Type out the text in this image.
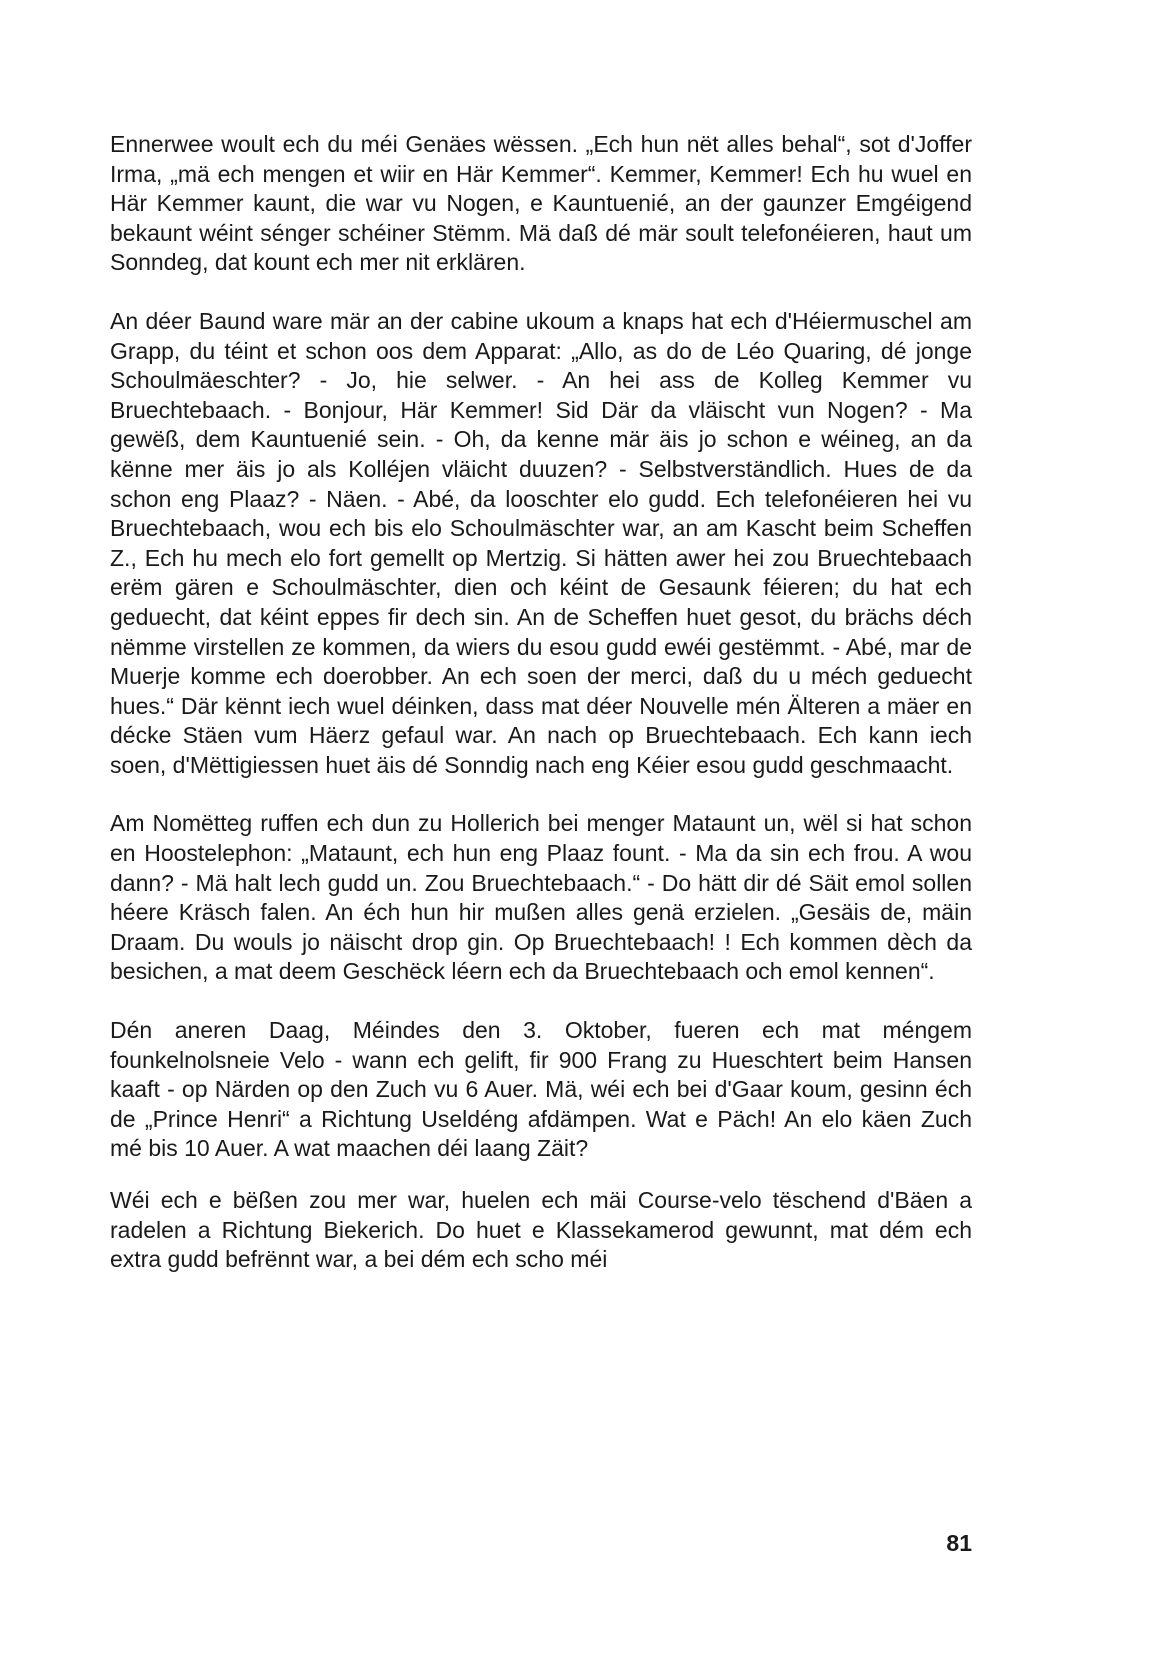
Ennerwee woult ech du méi Genäes wëssen. „Ech hun nët alles behal“, sot d'Joffer Irma, „mä ech mengen et wiir en Här Kemmer“. Kemmer, Kemmer! Ech hu wuel en Här Kemmer kaunt, die war vu Nogen, e Kauntuenié, an der gaunzer Emgéigend bekaunt wéint sénger schéiner Stëmm. Mä daß dé mär soult telefonéieren, haut um Sonndeg, dat kount ech mer nit erklären.

An déer Baund ware mär an der cabine ukoum a knaps hat ech d'Héiermuschel am Grapp, du téint et schon oos dem Apparat: „Allo, as do de Léo Quaring, dé jonge Schoulmäeschter? - Jo, hie selwer. - An hei ass de Kolleg Kemmer vu Bruechtebaach. - Bonjour, Här Kemmer! Sid Där da vläischt vun Nogen? - Ma gewëß, dem Kauntuenié sein. - Oh, da kenne mär äis jo schon e wéineg, an da kënne mer äis jo als Kolléjen vläicht duuzen? - Selbstverständlich. Hues de da schon eng Plaaz? - Näen. - Abé, da looschter elo gudd. Ech telefonéieren hei vu Bruechtebaach, wou ech bis elo Schoulmäschter war, an am Kascht beim Scheffen Z., Ech hu mech elo fort gemellt op Mertzig. Si hätten awer hei zou Bruechtebaach erëm gären e Schoulmäschter, dien och kéint de Gesaunk féieren; du hat ech geduecht, dat kéint eppes fir dech sin. An de Scheffen huet gesot, du brächs déch nëmme virstellen ze kommen, da wiers du esou gudd ewéi gestëmmt. - Abé, mar de Muerje komme ech doerobber. An ech soen der merci, daß du u méch geduecht hues.“ Där kënnt iech wuel déinken, dass mat déer Nouvelle mén Älteren a mäer en décke Stäen vum Häerz gefaul war. An nach op Bruechtebaach. Ech kann iech soen, d'Mëttigiessen huet äis dé Sonndig nach eng Kéier esou gudd geschmaacht.

Am Nomëtteg ruffen ech dun zu Hollerich bei menger Mataunt un, wël si hat schon en Hoostelephon: „Mataunt, ech hun eng Plaaz fount. - Ma da sin ech frou. A wou dann? - Mä halt lech gudd un. Zou Bruechtebaach.“ - Do hätt dir dé Säit emol sollen héere Kräsch falen. An éch hun hir mußen alles genä erzielen. „Gesäis de, mäin Draam. Du wouls jo näischt drop gin. Op Bruechtebaach! ! Ech kommen dèch da besichen, a mat deem Geschëck léern ech da Bruechtebaach och emol kennen“.

Dén aneren Daag, Méindes den 3. Oktober, fueren ech mat méngem founkelnolsneie Velo - wann ech gelift, fir 900 Frang zu Hueschtert beim Hansen kaaft - op Närden op den Zuch vu 6 Auer. Mä, wéi ech bei d'Gaar koum, gesinn éch de „Prince Henri“ a Richtung Useldéng afdämpen. Wat e Päch! An elo käen Zuch mé bis 10 Auer. A wat maachen déi laang Zäit?

Wéi ech e bëßen zou mer war, huelen ech mäi Course-velo tëschend d'Bäen a radelen a Richtung Biekerich. Do huet e Klassekamerod gewunnt, mat dém ech extra gudd befrënnt war, a bei dém ech scho méi

81
